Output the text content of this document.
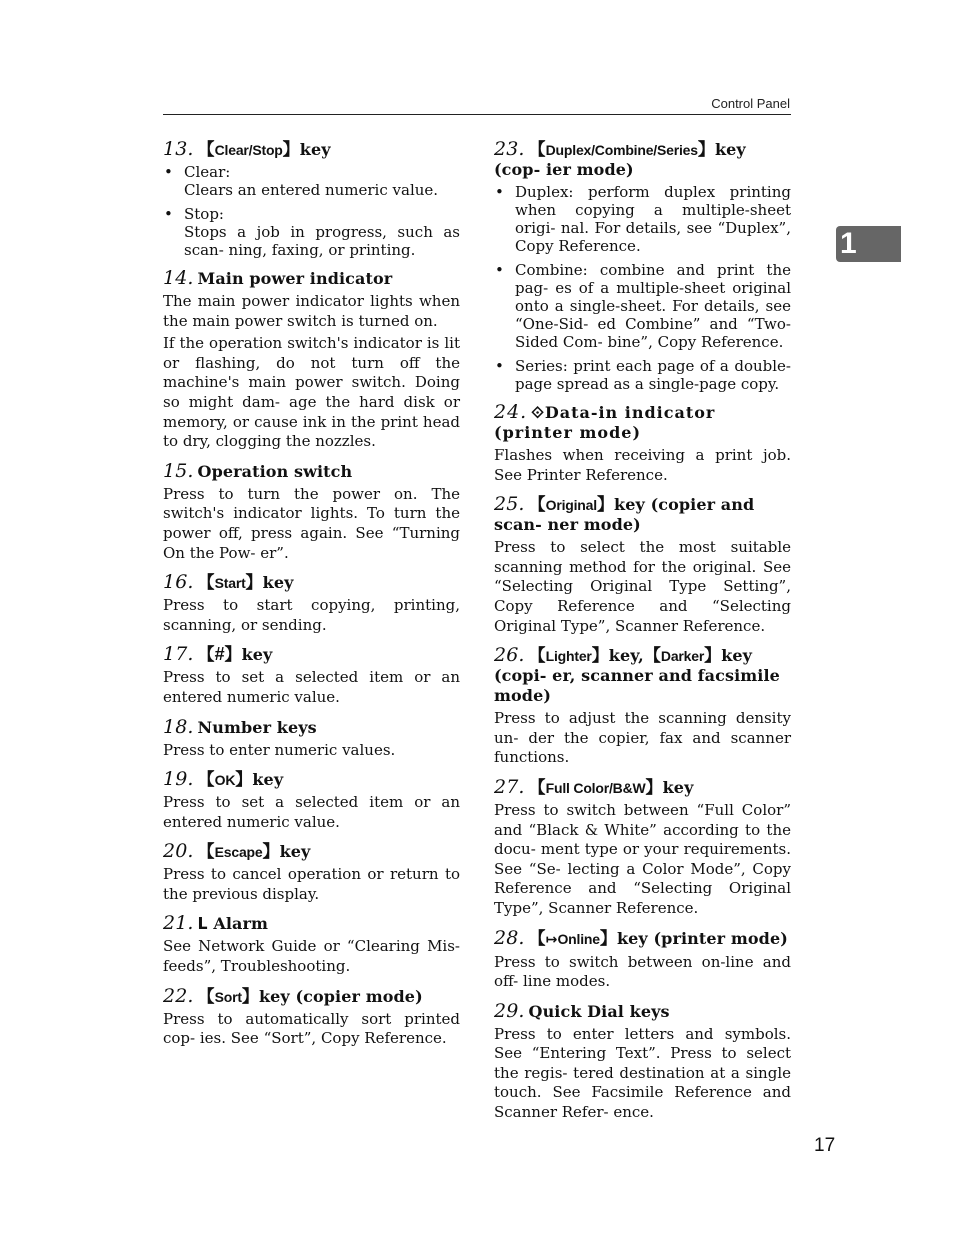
Control Panel
1
13. 【Clear/Stop】key
• Clear:
Clears an entered numeric value.
• Stop:
Stops a job in progress, such as scan- ning, faxing, or printing.
14. Main power indicator

The main power indicator lights when the main power switch is turned on.

If the operation switch's indicator is lit or flashing, do not turn off the machine's main power switch. Doing so might dam- age the hard disk or memory, or cause ink in the print head to dry, clogging the nozzles.

15. Operation switch

Press to turn the power on. The switch's indicator lights. To turn the power off, press again. See “Turning On the Pow- er”.

16. 【Start】key

Press to start copying, printing, scanning, or sending.

17. 【#】key

Press to set a selected item or an entered numeric value.

18. Number keys

Press to enter numeric values.

19. 【OK】key

Press to set a selected item or an entered numeric value.

20. 【Escape】key

Press to cancel operation or return to the previous display.

21. ᒪ Alarm

See Network Guide or “Clearing Mis- feeds”, Troubleshooting.

22. 【Sort】key (copier mode)

Press to automatically sort printed cop- ies. See “Sort”, Copy Reference.

23. 【Duplex/Combine/Series】key (cop- ier mode)
• Duplex: perform duplex printing when copying a multiple-sheet origi- nal. For details, see “Duplex”, Copy Reference.
• Combine: combine and print the pag- es of a multiple-sheet original onto a single-sheet. For details, see “One-Sid- ed Combine” and “Two-Sided Com- bine”, Copy Reference.
• Series: print each page of a double- page spread as a single-page copy.
24. ⟐Data-in indicator (printer mode)

Flashes when receiving a print job. See Printer Reference.

25. 【Original】key (copier and scan- ner mode)

Press to select the most suitable scanning method for the original. See “Selecting Original Type Setting”, Copy Reference and “Selecting Original Type”, Scanner Reference.

26. 【Lighter】key,【Darker】key (copi- er, scanner and facsimile mode)

Press to adjust the scanning density un- der the copier, fax and scanner functions.

27. 【Full Color/B&W】key

Press to switch between “Full Color” and “Black & White” according to the docu- ment type or your requirements. See “Se- lecting a Color Mode”, Copy Reference and “Selecting Original Type”, Scanner Reference.

28. 【↦Online】key (printer mode)

Press to switch between on-line and off- line modes.

29. Quick Dial keys

Press to enter letters and symbols. See “Entering Text”. Press to select the regis- tered destination at a single touch. See Facsimile Reference and Scanner Refer- ence.

17
